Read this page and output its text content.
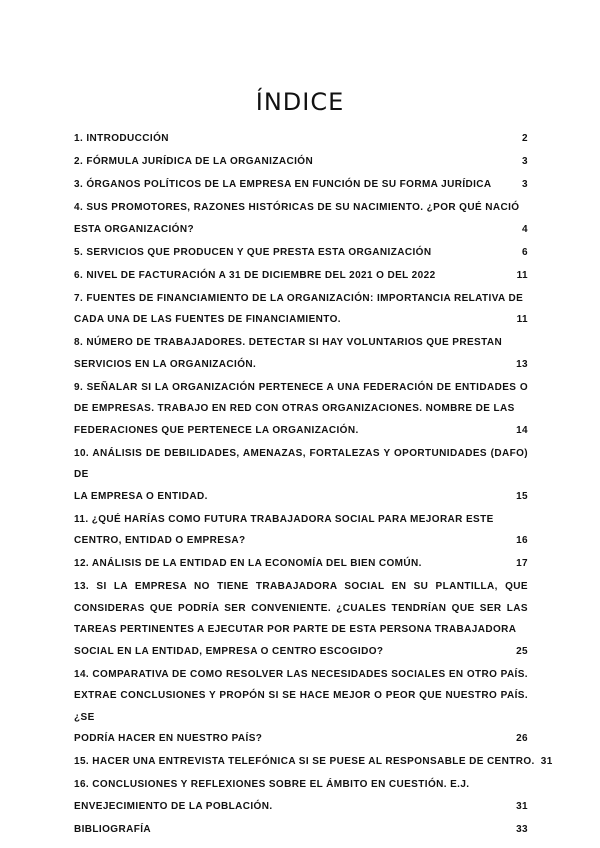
ÍNDICE
1. INTRODUCCIÓN	2
2. FÓRMULA JURÍDICA DE LA ORGANIZACIÓN	3
3. ÓRGANOS POLÍTICOS DE LA EMPRESA EN FUNCIÓN DE SU FORMA JURÍDICA	3
4. SUS PROMOTORES, RAZONES HISTÓRICAS DE SU NACIMIENTO. ¿POR QUÉ NACIÓ
ESTA ORGANIZACIÓN?	4
5. SERVICIOS QUE PRODUCEN Y QUE PRESTA ESTA ORGANIZACIÓN	6
6. NIVEL DE FACTURACIÓN A 31 DE DICIEMBRE DEL 2021 O DEL 2022	11
7. FUENTES DE FINANCIAMIENTO DE LA ORGANIZACIÓN: IMPORTANCIA RELATIVA DE
CADA UNA DE LAS FUENTES DE FINANCIAMIENTO.	11
8. NÚMERO DE TRABAJADORES. DETECTAR SI HAY VOLUNTARIOS QUE PRESTAN
SERVICIOS EN LA ORGANIZACIÓN.	13
9. SEÑALAR SI LA ORGANIZACIÓN PERTENECE A UNA FEDERACIÓN DE ENTIDADES O DE EMPRESAS. TRABAJO EN RED CON OTRAS ORGANIZACIONES. NOMBRE DE LAS
FEDERACIONES QUE PERTENECE LA ORGANIZACIÓN.	14
10. ANÁLISIS DE DEBILIDADES, AMENAZAS, FORTALEZAS Y OPORTUNIDADES (DAFO) DE
LA EMPRESA O ENTIDAD.	15
11. ¿QUÉ HARÍAS COMO FUTURA TRABAJADORA SOCIAL PARA MEJORAR ESTE
CENTRO, ENTIDAD O EMPRESA?	16
12. ANÁLISIS DE LA ENTIDAD EN LA ECONOMÍA DEL BIEN COMÚN.	17
13. SI LA EMPRESA NO TIENE TRABAJADORA SOCIAL EN SU PLANTILLA, QUE CONSIDERAS QUE PODRÍA SER CONVENIENTE. ¿CUALES TENDRÍAN QUE SER LAS TAREAS PERTINENTES A EJECUTAR POR PARTE DE ESTA PERSONA TRABAJADORA
SOCIAL EN LA ENTIDAD, EMPRESA O CENTRO ESCOGIDO?	25
14. COMPARATIVA DE COMO RESOLVER LAS NECESIDADES SOCIALES EN OTRO PAÍS. EXTRAE CONCLUSIONES Y PROPÓN SI SE HACE MEJOR O PEOR QUE NUESTRO PAÍS. ¿SE
PODRÍA HACER EN NUESTRO PAÍS?	26
15. HACER UNA ENTREVISTA TELEFÓNICA SI SE PUESE AL RESPONSABLE DE CENTRO. 31
16. CONCLUSIONES Y REFLEXIONES SOBRE EL ÁMBITO EN CUESTIÓN. E.J.
ENVEJECIMIENTO DE LA POBLACIÓN.	31
BIBLIOGRAFÍA	33
